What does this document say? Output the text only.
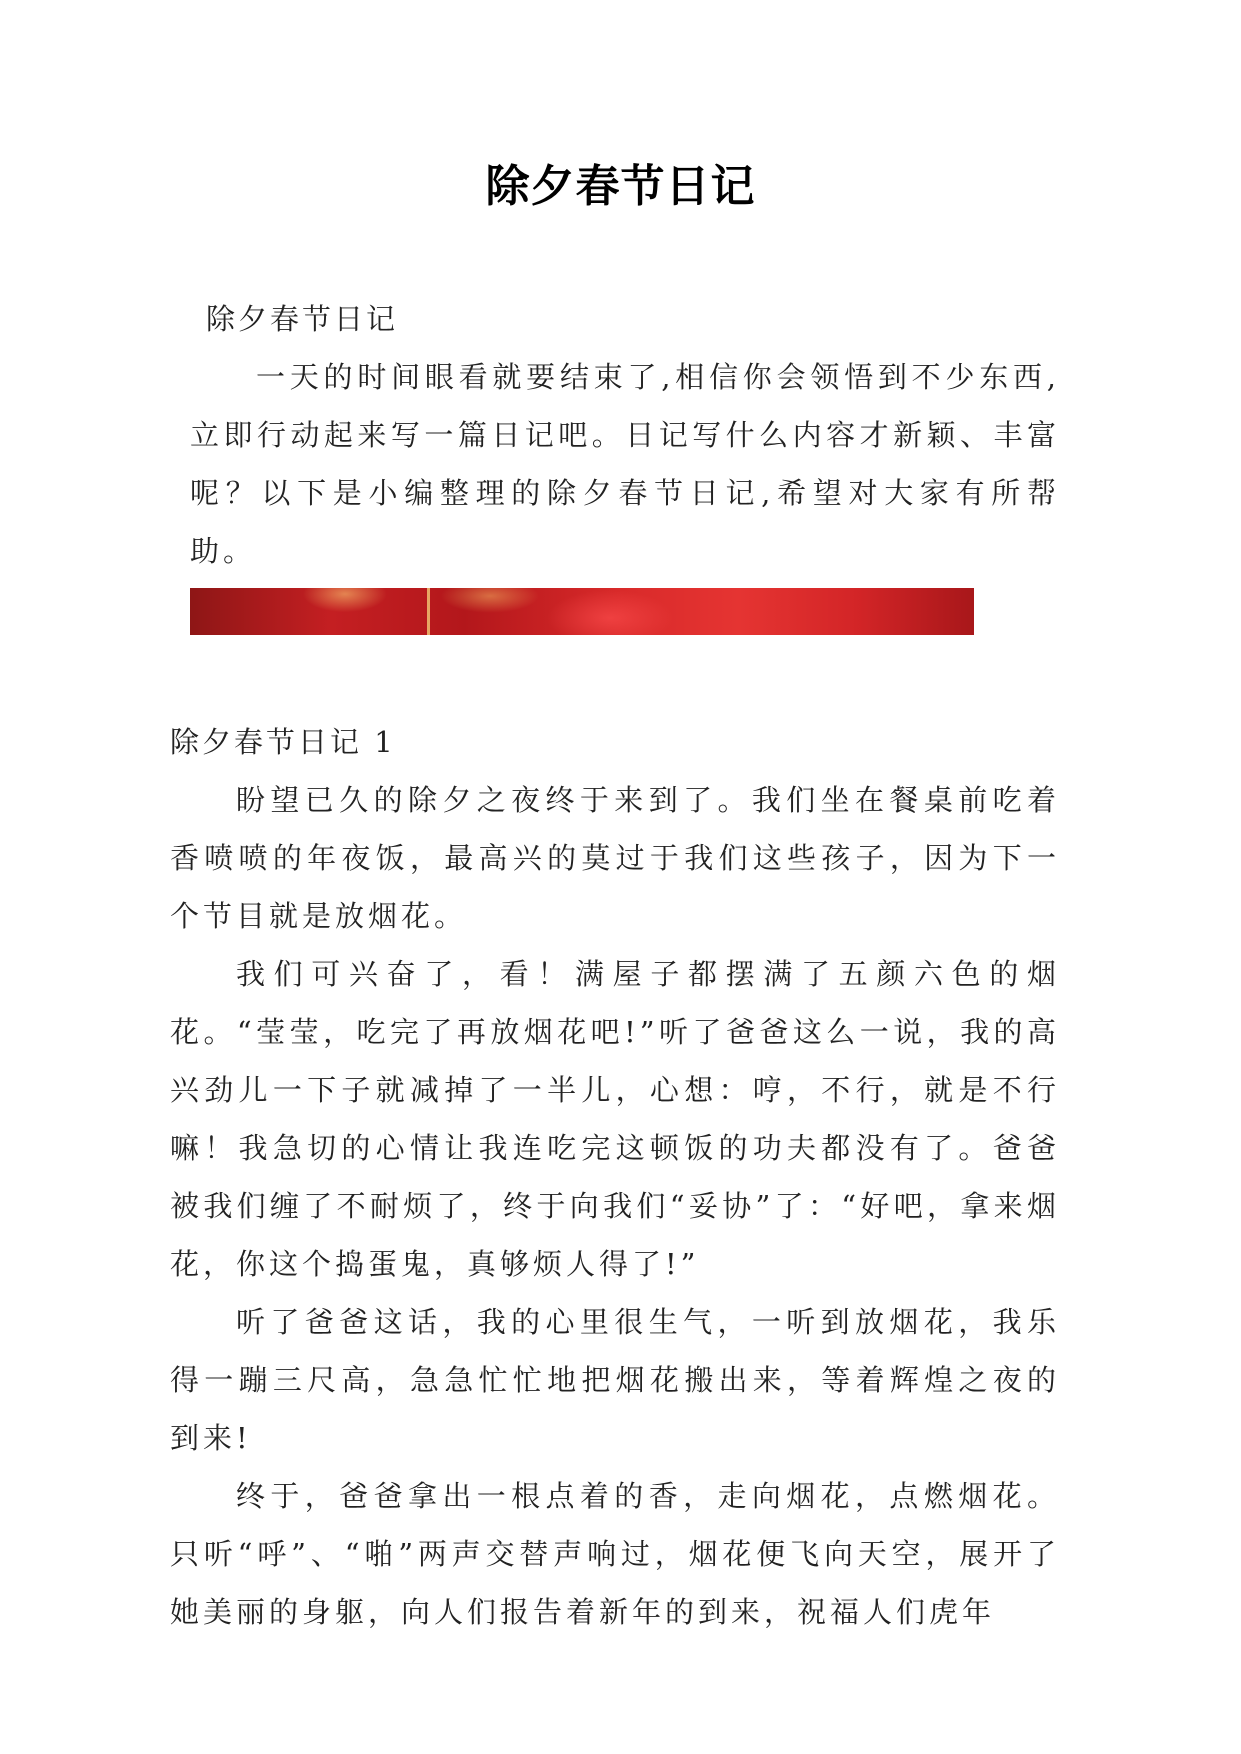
除夕春节日记

除夕春节日记

一天的时间眼看就要结束了,相信你会领悟到不少东西,立即行动起来写一篇日记吧。日记写什么内容才新颖、丰富呢？以下是小编整理的除夕春节日记,希望对大家有所帮助。

除夕春节日记 1

盼望已久的除夕之夜终于来到了。我们坐在餐桌前吃着香喷喷的年夜饭，最高兴的莫过于我们这些孩子，因为下一个节目就是放烟花。

我们可兴奋了，看！满屋子都摆满了五颜六色的烟花。“莹莹，吃完了再放烟花吧!”听了爸爸这么一说，我的高兴劲儿一下子就减掉了一半儿，心想：哼，不行，就是不行嘛！我急切的心情让我连吃完这顿饭的功夫都没有了。爸爸被我们缠了不耐烦了，终于向我们“妥协”了：“好吧，拿来烟花，你这个捣蛋鬼，真够烦人得了!”

听了爸爸这话，我的心里很生气，一听到放烟花，我乐得一蹦三尺高，急急忙忙地把烟花搬出来，等着辉煌之夜的到来!

终于，爸爸拿出一根点着的香，走向烟花，点燃烟花。只听“呼”、“啪”两声交替声响过，烟花便飞向天空，展开了她美丽的身躯，向人们报告着新年的到来，祝福人们虎年
